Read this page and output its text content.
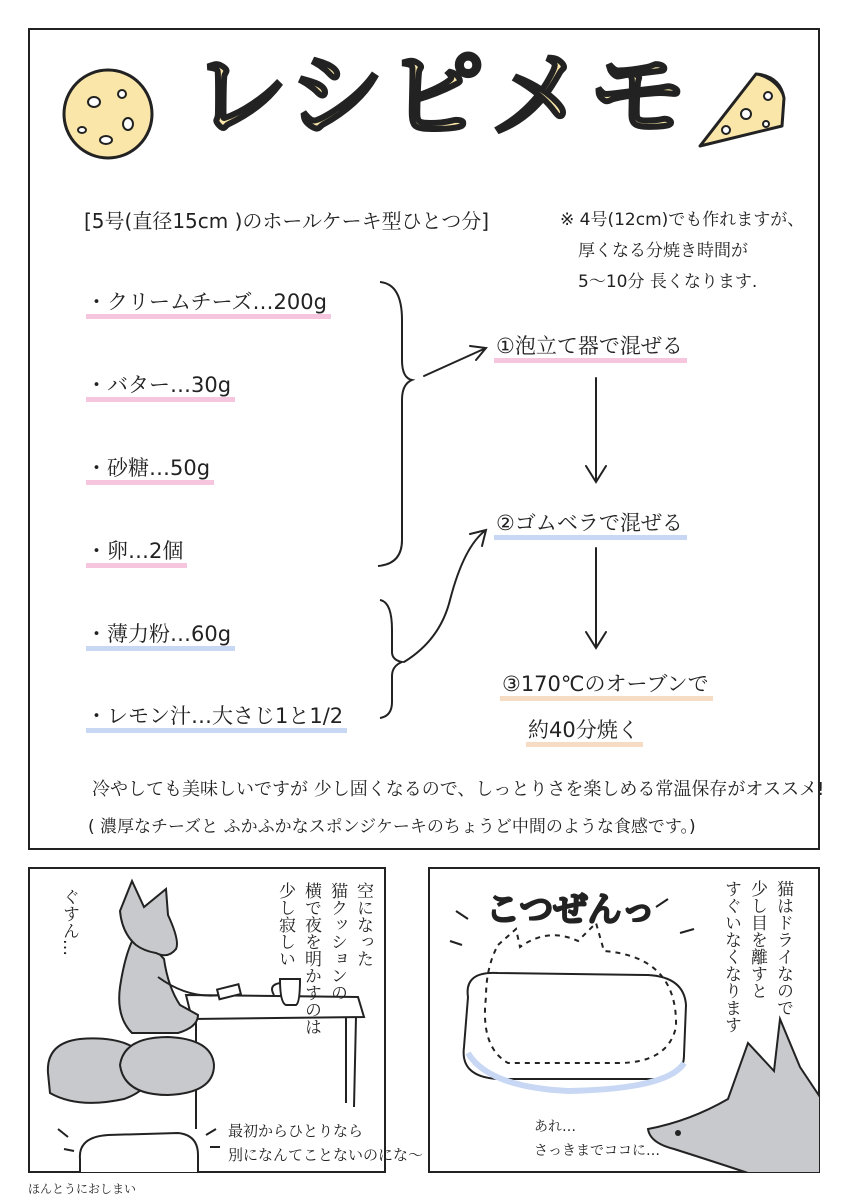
レ シ ピ メ モ
[5号(直径15cm )のホールケーキ型ひとつ分]	※ 4号(12cm)でも作れますが、
厚くなる分焼き時間が
5〜10分 長くなります.
・クリームチーズ…200g
・バター…30g
・砂糖…50g
・卵…2個
・薄力粉…60g
・レモン汁…大さじ1と1/2
①泡立て器で混ぜる
②ゴムベラで混ぜる
③170℃のオーブンで
約40分焼く
冷やしても美味しいですが 少し固くなるので、しっとりさを楽しめる常温保存がオススメ!
( 濃厚なチーズと ふかふかなスポンジケーキのちょうど中間のような食感です。)
ぐすん…	少し寂しい 横で夜を明かすのは 猫クッションの 空になった
最初からひとりなら
別になんてことないのにな〜
こつぜんっ	すぐいなくなります 少し目を離すと 猫はドライなので
あれ…
さっきまでココに…
ほんとうにおしまい
